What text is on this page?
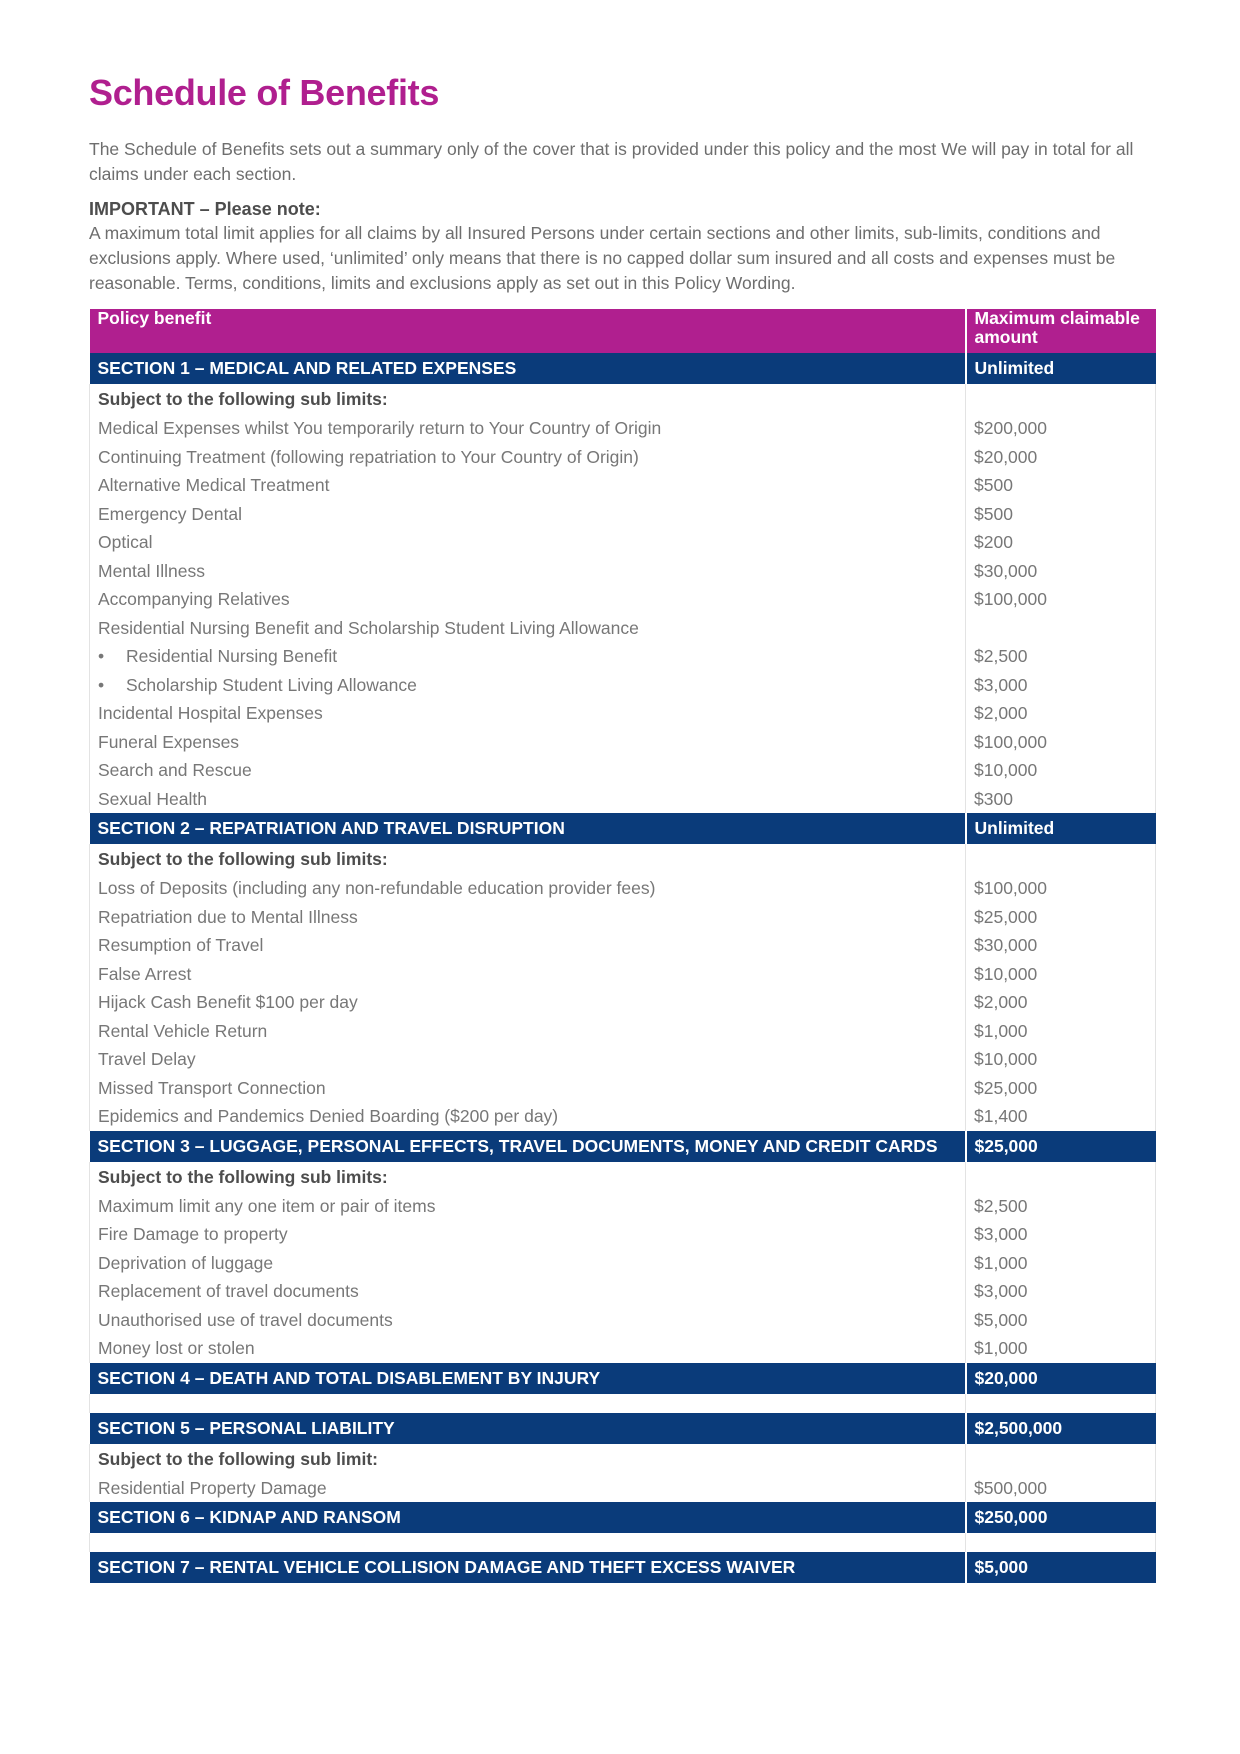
Schedule of Benefits

The Schedule of Benefits sets out a summary only of the cover that is provided under this policy and the most We will pay in total for all claims under each section.

IMPORTANT – Please note:

A maximum total limit applies for all claims by all Insured Persons under certain sections and other limits, sub-limits, conditions and exclusions apply. Where used, ‘unlimited’ only means that there is no capped dollar sum insured and all costs and expenses must be reasonable. Terms, conditions, limits and exclusions apply as set out in this Policy Wording.

Policy benefit	Maximum claimable amount
SECTION 1 – MEDICAL AND RELATED EXPENSES	Unlimited
Subject to the following sub limits:	
Medical Expenses whilst You temporarily return to Your Country of Origin	$200,000
Continuing Treatment (following repatriation to Your Country of Origin)	$20,000
Alternative Medical Treatment	$500
Emergency Dental	$500
Optical	$200
Mental Illness	$30,000
Accompanying Relatives	$100,000
Residential Nursing Benefit and Scholarship Student Living Allowance	
• Residential Nursing Benefit	$2,500
• Scholarship Student Living Allowance	$3,000
Incidental Hospital Expenses	$2,000
Funeral Expenses	$100,000
Search and Rescue	$10,000
Sexual Health	$300
SECTION 2 – REPATRIATION AND TRAVEL DISRUPTION	Unlimited
Subject to the following sub limits:	
Loss of Deposits (including any non-refundable education provider fees)	$100,000
Repatriation due to Mental Illness	$25,000
Resumption of Travel	$30,000
False Arrest	$10,000
Hijack Cash Benefit $100 per day	$2,000
Rental Vehicle Return	$1,000
Travel Delay	$10,000
Missed Transport Connection	$25,000
Epidemics and Pandemics Denied Boarding ($200 per day)	$1,400
SECTION 3 – LUGGAGE, PERSONAL EFFECTS, TRAVEL DOCUMENTS, MONEY AND CREDIT CARDS	$25,000
Subject to the following sub limits:	
Maximum limit any one item or pair of items	$2,500
Fire Damage to property	$3,000
Deprivation of luggage	$1,000
Replacement of travel documents	$3,000
Unauthorised use of travel documents	$5,000
Money lost or stolen	$1,000
SECTION 4 – DEATH AND TOTAL DISABLEMENT BY INJURY	$20,000

SECTION 5 – PERSONAL LIABILITY	$2,500,000
Subject to the following sub limit:	
Residential Property Damage	$500,000
SECTION 6 – KIDNAP AND RANSOM	$250,000

SECTION 7 – RENTAL VEHICLE COLLISION DAMAGE AND THEFT EXCESS WAIVER	$5,000
